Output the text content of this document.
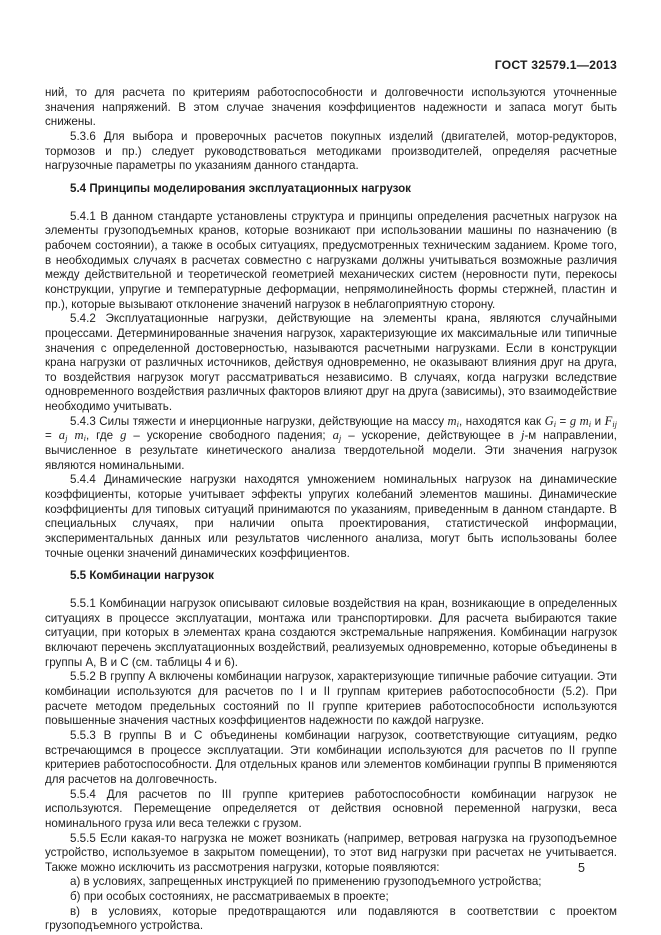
ГОСТ 32579.1—2013

ний, то для расчета по критериям работоспособности и долговечности используются уточненные значения напряжений. В этом случае значения коэффициентов надежности и запаса могут быть снижены.

5.3.6 Для выбора и проверочных расчетов покупных изделий (двигателей, мотор-редукторов, тормозов и пр.) следует руководствоваться методиками производителей, определяя расчетные нагрузочные параметры по указаниям данного стандарта.

5.4 Принципы моделирования эксплуатационных нагрузок

5.4.1 В данном стандарте установлены структура и принципы определения расчетных нагрузок на элементы грузоподъемных кранов, которые возникают при использовании машины по назначению (в рабочем состоянии), а также в особых ситуациях, предусмотренных техническим заданием. Кроме того, в необходимых случаях в расчетах совместно с нагрузками должны учитываться возможные различия между действительной и теоретической геометрией механических систем (неровности пути, перекосы конструкции, упругие и температурные деформации, непрямолинейность формы стержней, пластин и пр.), которые вызывают отклонение значений нагрузок в неблагоприятную сторону.

5.4.2 Эксплуатационные нагрузки, действующие на элементы крана, являются случайными процессами. Детерминированные значения нагрузок, характеризующие их максимальные или типичные значения с определенной достоверностью, называются расчетными нагрузками. Если в конструкции крана нагрузки от различных источников, действуя одновременно, не оказывают влияния друг на друга, то воздействия нагрузок могут рассматриваться независимо. В случаях, когда нагрузки вследствие одновременного воздействия различных факторов влияют друг на друга (зависимы), это взаимодействие необходимо учитывать.

5.4.3 Силы тяжести и инерционные нагрузки, действующие на массу $m_i$, находятся как $G_i = g$ $m_i$ и $F_{ij} = a_j$ $m_i$, где g – ускорение свободного падения; $a_j$ – ускорение, действующее в j-м направлении, вычисленное в результате кинетического анализа твердотельной модели. Эти значения нагрузок являются номинальными.

5.4.4 Динамические нагрузки находятся умножением номинальных нагрузок на динамические коэффициенты, которые учитывает эффекты упругих колебаний элементов машины. Динамические коэффициенты для типовых ситуаций принимаются по указаниям, приведенным в данном стандарте. В специальных случаях, при наличии опыта проектирования, статистической информации, экспериментальных данных или результатов численного анализа, могут быть использованы более точные оценки значений динамических коэффициентов.

5.5 Комбинации нагрузок

5.5.1 Комбинации нагрузок описывают силовые воздействия на кран, возникающие в определенных ситуациях в процессе эксплуатации, монтажа или транспортировки. Для расчета выбираются такие ситуации, при которых в элементах крана создаются экстремальные напряжения. Комбинации нагрузок включают перечень эксплуатационных воздействий, реализуемых одновременно, которые объединены в группы А, В и С (см. таблицы 4 и 6).

5.5.2 В группу А включены комбинации нагрузок, характеризующие типичные рабочие ситуации. Эти комбинации используются для расчетов по I и II группам критериев работоспособности (5.2). При расчете методом предельных состояний по II группе критериев работоспособности используются повышенные значения частных коэффициентов надежности по каждой нагрузке.

5.5.3 В группы В и С объединены комбинации нагрузок, соответствующие ситуациям, редко встречающимся в процессе эксплуатации. Эти комбинации используются для расчетов по II группе критериев работоспособности. Для отдельных кранов или элементов комбинации группы В применяются для расчетов на долговечность.

5.5.4 Для расчетов по III группе критериев работоспособности комбинации нагрузок не используются. Перемещение определяется от действия основной переменной нагрузки, веса номинального груза или веса тележки с грузом.

5.5.5 Если какая-то нагрузка не может возникать (например, ветровая нагрузка на грузоподъемное устройство, используемое в закрытом помещении), то этот вид нагрузки при расчетах не учитывается. Также можно исключить из рассмотрения нагрузки, которые появляются:

а) в условиях, запрещенных инструкцией по применению грузоподъемного устройства;

б) при особых состояниях, не рассматриваемых в проекте;

в) в условиях, которые предотвращаются или подавляются в соответствии с проектом грузоподъемного устройства.

5
